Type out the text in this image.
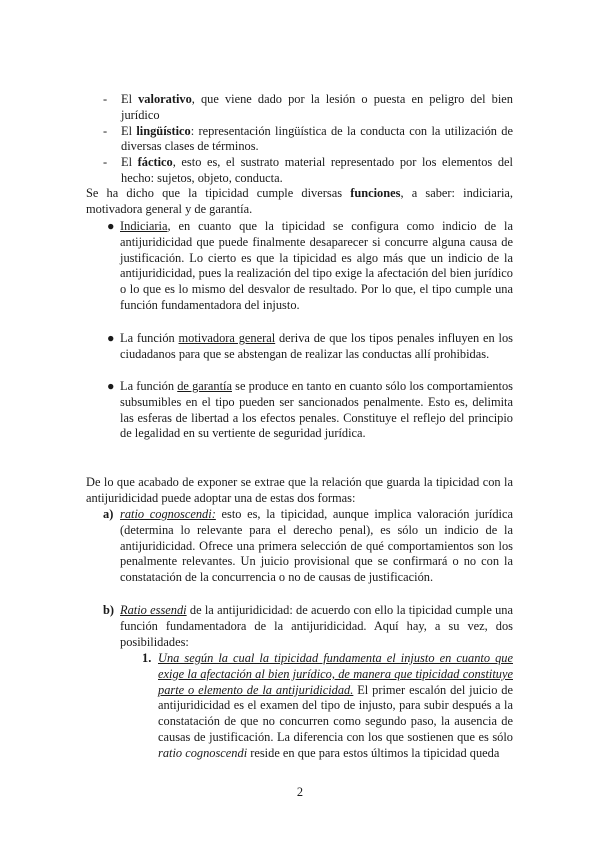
- El valorativo, que viene dado por la lesión o puesta en peligro del bien jurídico
- El lingüístico: representación lingüística de la conducta con la utilización de diversas clases de términos.
- El fáctico, esto es, el sustrato material representado por los elementos del hecho: sujetos, objeto, conducta.
Se ha dicho que la tipicidad cumple diversas funciones, a saber: indiciaria, motivadora general y de garantía.
● Indiciaria, en cuanto que la tipicidad se configura como indicio de la antijuridicidad que puede finalmente desaparecer si concurre alguna causa de justificación. Lo cierto es que la tipicidad es algo más que un indicio de la antijuridicidad, pues la realización del tipo exige la afectación del bien jurídico o lo que es lo mismo del desvalor de resultado. Por lo que, el tipo cumple una función fundamentadora del injusto.
● La función motivadora general deriva de que los tipos penales influyen en los ciudadanos para que se abstengan de realizar las conductas allí prohibidas.
● La función de garantía se produce en tanto en cuanto sólo los comportamientos subsumibles en el tipo pueden ser sancionados penalmente. Esto es, delimita las esferas de libertad a los efectos penales. Constituye el reflejo del principio de legalidad en su vertiente de seguridad jurídica.
De lo que acabado de exponer se extrae que la relación que guarda la tipicidad con la antijuridicidad puede adoptar una de estas dos formas:
a) ratio cognoscendi: esto es, la tipicidad, aunque implica valoración jurídica (determina lo relevante para el derecho penal), es sólo un indicio de la antijuridicidad. Ofrece una primera selección de qué comportamientos son los penalmente relevantes. Un juicio provisional que se confirmará o no con la constatación de la concurrencia o no de causas de justificación.
b) Ratio essendi de la antijuridicidad: de acuerdo con ello la tipicidad cumple una función fundamentadora de la antijuridicidad. Aquí hay, a su vez, dos posibilidades:
1. Una según la cual la tipicidad fundamenta el injusto en cuanto que exige la afectación al bien jurídico, de manera que tipicidad constituye parte o elemento de la antijuridicidad. El primer escalón del juicio de antijuridicidad es el examen del tipo de injusto, para subir después a la constatación de que no concurren como segundo paso, la ausencia de causas de justificación. La diferencia con los que sostienen que es sólo ratio cognoscendi reside en que para estos últimos la tipicidad queda
2
